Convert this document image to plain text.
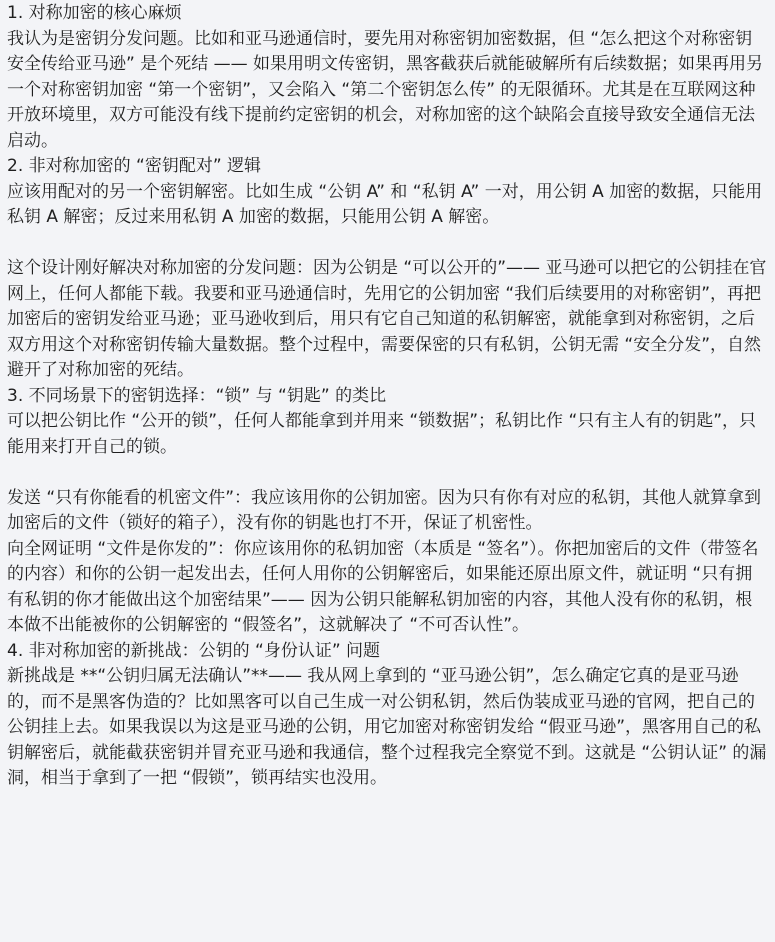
1. 对称加密的核心麻烦
我认为是密钥分发问题。比如和亚马逊通信时，要先用对称密钥加密数据，但 “怎么把这个对称密钥安全传给亚马逊” 是个死结 —— 如果用明文传密钥，黑客截获后就能破解所有后续数据；如果再用另一个对称密钥加密 “第一个密钥”，又会陷入 “第二个密钥怎么传” 的无限循环。尤其是在互联网这种开放环境里，双方可能没有线下提前约定密钥的机会，对称加密的这个缺陷会直接导致安全通信无法启动。
2. 非对称加密的 “密钥配对” 逻辑
应该用配对的另一个密钥解密。比如生成 “公钥 A” 和 “私钥 A” 一对，用公钥 A 加密的数据，只能用私钥 A 解密；反过来用私钥 A 加密的数据，只能用公钥 A 解密。
这个设计刚好解决对称加密的分发问题：因为公钥是 “可以公开的”—— 亚马逊可以把它的公钥挂在官网上，任何人都能下载。我要和亚马逊通信时，先用它的公钥加密 “我们后续要用的对称密钥”，再把加密后的密钥发给亚马逊；亚马逊收到后，用只有它自己知道的私钥解密，就能拿到对称密钥，之后双方用这个对称密钥传输大量数据。整个过程中，需要保密的只有私钥，公钥无需 “安全分发”，自然避开了对称加密的死结。
3. 不同场景下的密钥选择：“锁” 与 “钥匙” 的类比
可以把公钥比作 “公开的锁”，任何人都能拿到并用来 “锁数据”；私钥比作 “只有主人有的钥匙”，只能用来打开自己的锁。
发送 “只有你能看的机密文件”：我应该用你的公钥加密。因为只有你有对应的私钥，其他人就算拿到加密后的文件（锁好的箱子），没有你的钥匙也打不开，保证了机密性。
向全网证明 “文件是你发的”：你应该用你的私钥加密（本质是 “签名”）。你把加密后的文件（带签名的内容）和你的公钥一起发出去，任何人用你的公钥解密后，如果能还原出原文件，就证明 “只有拥有私钥的你才能做出这个加密结果”—— 因为公钥只能解私钥加密的内容，其他人没有你的私钥，根本做不出能被你的公钥解密的 “假签名”，这就解决了 “不可否认性”。
4. 非对称加密的新挑战：公钥的 “身份认证” 问题
新挑战是 **“公钥归属无法确认”**—— 我从网上拿到的 “亚马逊公钥”，怎么确定它真的是亚马逊的，而不是黑客伪造的？比如黑客可以自己生成一对公钥私钥，然后伪装成亚马逊的官网，把自己的公钥挂上去。如果我误以为这是亚马逊的公钥，用它加密对称密钥发给 “假亚马逊”，黑客用自己的私钥解密后，就能截获密钥并冒充亚马逊和我通信，整个过程我完全察觉不到。这就是 “公钥认证” 的漏洞，相当于拿到了一把 “假锁”，锁再结实也没用。
